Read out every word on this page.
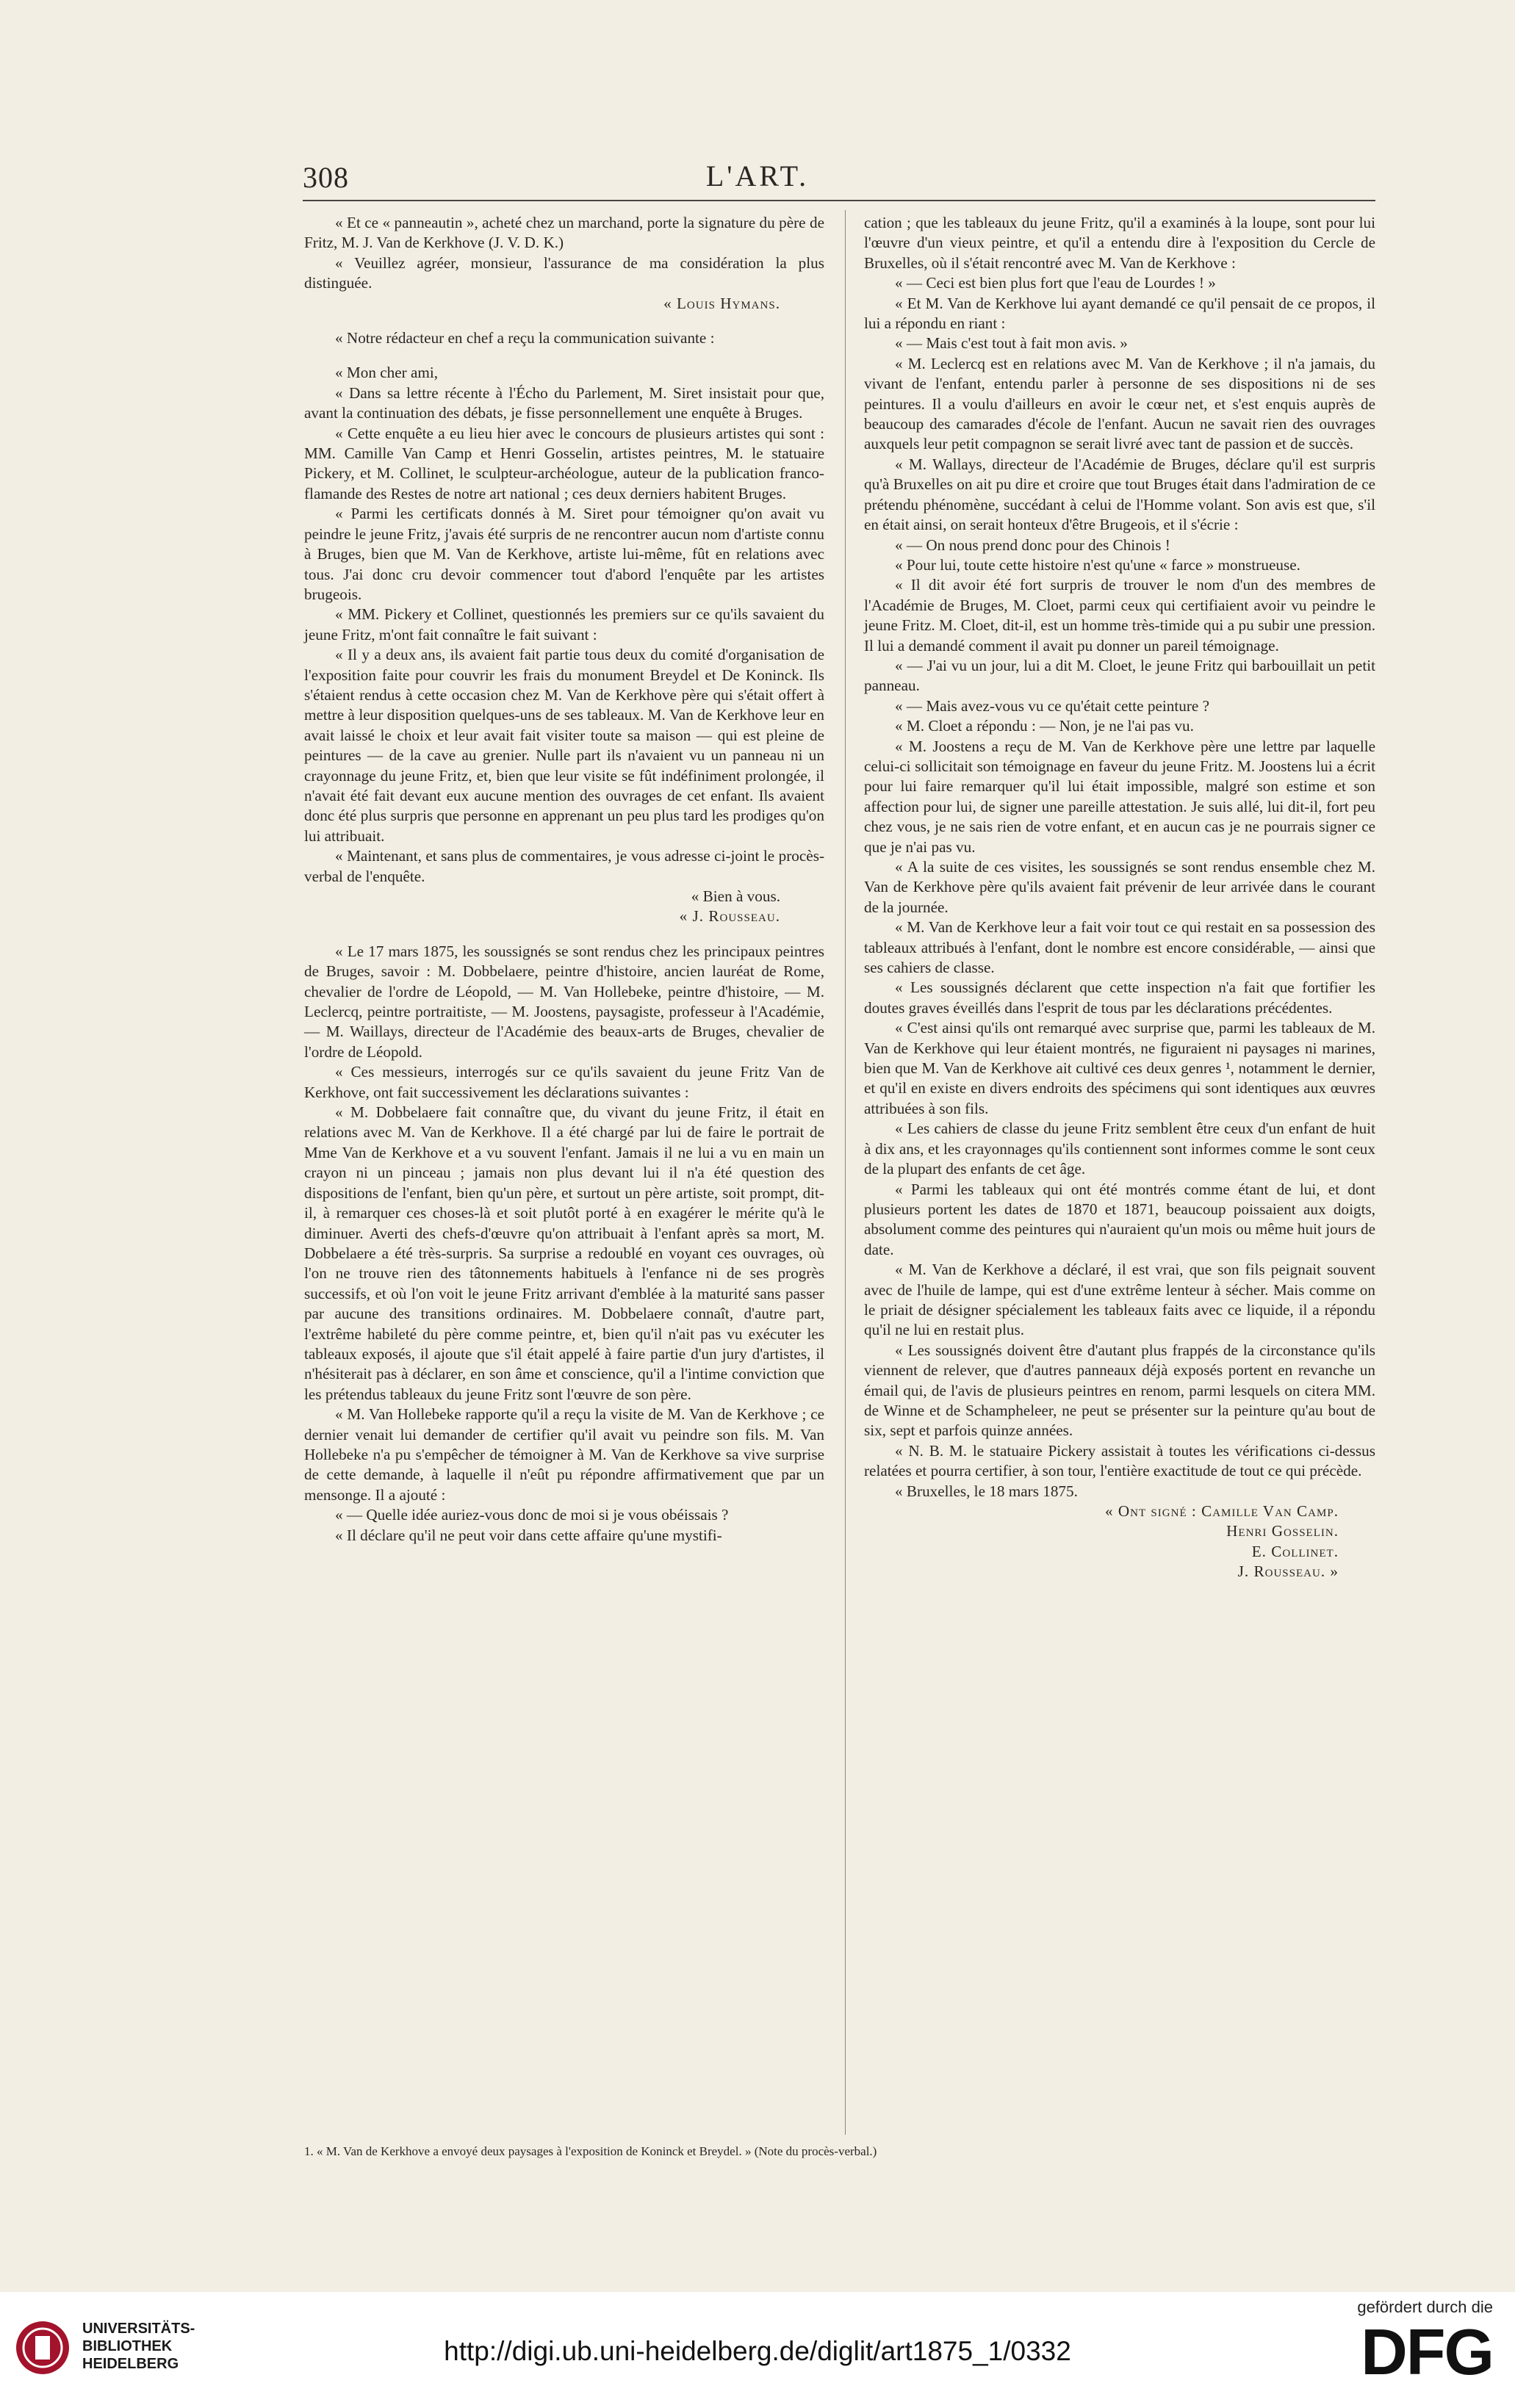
308	L'ART.

« Et ce « panneautin », acheté chez un marchand, porte la signature du père de Fritz, M. J. Van de Kerkhove (J. V. D. K.)

« Veuillez agréer, monsieur, l'assurance de ma considération la plus distinguée.

« Louis Hymans.

« Notre rédacteur en chef a reçu la communication suivante :

« Mon cher ami,

« Dans sa lettre récente à l'Écho du Parlement, M. Siret insistait pour que, avant la continuation des débats, je fisse personnellement une enquête à Bruges.

« Cette enquête a eu lieu hier avec le concours de plusieurs artistes qui sont : MM. Camille Van Camp et Henri Gosselin, artistes peintres, M. le statuaire Pickery, et M. Collinet, le sculpteur-archéologue, auteur de la publication franco-flamande des Restes de notre art national ; ces deux derniers habitent Bruges.

« Parmi les certificats donnés à M. Siret pour témoigner qu'on avait vu peindre le jeune Fritz, j'avais été surpris de ne rencontrer aucun nom d'artiste connu à Bruges, bien que M. Van de Kerkhove, artiste lui-même, fût en relations avec tous. J'ai donc cru devoir commencer tout d'abord l'enquête par les artistes brugeois.

« MM. Pickery et Collinet, questionnés les premiers sur ce qu'ils savaient du jeune Fritz, m'ont fait connaître le fait suivant :

« Il y a deux ans, ils avaient fait partie tous deux du comité d'organisation de l'exposition faite pour couvrir les frais du monument Breydel et De Koninck. Ils s'étaient rendus à cette occasion chez M. Van de Kerkhove père qui s'était offert à mettre à leur disposition quelques-uns de ses tableaux. M. Van de Kerkhove leur en avait laissé le choix et leur avait fait visiter toute sa maison — qui est pleine de peintures — de la cave au grenier. Nulle part ils n'avaient vu un panneau ni un crayonnage du jeune Fritz, et, bien que leur visite se fût indéfiniment prolongée, il n'avait été fait devant eux aucune mention des ouvrages de cet enfant. Ils avaient donc été plus surpris que personne en apprenant un peu plus tard les prodiges qu'on lui attribuait.

« Maintenant, et sans plus de commentaires, je vous adresse ci-joint le procès-verbal de l'enquête.

« Bien à vous.

« J. Rousseau.

« Le 17 mars 1875, les soussignés se sont rendus chez les principaux peintres de Bruges, savoir : M. Dobbelaere, peintre d'histoire, ancien lauréat de Rome, chevalier de l'ordre de Léopold, — M. Van Hollebeke, peintre d'histoire, — M. Leclercq, peintre portraitiste, — M. Joostens, paysagiste, professeur à l'Académie, — M. Waillays, directeur de l'Académie des beaux-arts de Bruges, chevalier de l'ordre de Léopold.

« Ces messieurs, interrogés sur ce qu'ils savaient du jeune Fritz Van de Kerkhove, ont fait successivement les déclarations suivantes :

« M. Dobbelaere fait connaître que, du vivant du jeune Fritz, il était en relations avec M. Van de Kerkhove. Il a été chargé par lui de faire le portrait de Mme Van de Kerkhove et a vu souvent l'enfant. Jamais il ne lui a vu en main un crayon ni un pinceau ; jamais non plus devant lui il n'a été question des dispositions de l'enfant, bien qu'un père, et surtout un père artiste, soit prompt, dit-il, à remarquer ces choses-là et soit plutôt porté à en exagérer le mérite qu'à le diminuer. Averti des chefs-d'œuvre qu'on attribuait à l'enfant après sa mort, M. Dobbelaere a été très-surpris. Sa surprise a redoublé en voyant ces ouvrages, où l'on ne trouve rien des tâtonnements habituels à l'enfance ni de ses progrès successifs, et où l'on voit le jeune Fritz arrivant d'emblée à la maturité sans passer par aucune des transitions ordinaires. M. Dobbelaere connaît, d'autre part, l'extrême habileté du père comme peintre, et, bien qu'il n'ait pas vu exécuter les tableaux exposés, il ajoute que s'il était appelé à faire partie d'un jury d'artistes, il n'hésiterait pas à déclarer, en son âme et conscience, qu'il a l'intime conviction que les prétendus tableaux du jeune Fritz sont l'œuvre de son père.

« M. Van Hollebeke rapporte qu'il a reçu la visite de M. Van de Kerkhove ; ce dernier venait lui demander de certifier qu'il avait vu peindre son fils. M. Van Hollebeke n'a pu s'empêcher de témoigner à M. Van de Kerkhove sa vive surprise de cette demande, à laquelle il n'eût pu répondre affirmativement que par un mensonge. Il a ajouté :

« — Quelle idée auriez-vous donc de moi si je vous obéissais ?

« Il déclare qu'il ne peut voir dans cette affaire qu'une mystifi-

cation ; que les tableaux du jeune Fritz, qu'il a examinés à la loupe, sont pour lui l'œuvre d'un vieux peintre, et qu'il a entendu dire à l'exposition du Cercle de Bruxelles, où il s'était rencontré avec M. Van de Kerkhove :

« — Ceci est bien plus fort que l'eau de Lourdes ! »

« Et M. Van de Kerkhove lui ayant demandé ce qu'il pensait de ce propos, il lui a répondu en riant :

« — Mais c'est tout à fait mon avis. »

« M. Leclercq est en relations avec M. Van de Kerkhove ; il n'a jamais, du vivant de l'enfant, entendu parler à personne de ses dispositions ni de ses peintures. Il a voulu d'ailleurs en avoir le cœur net, et s'est enquis auprès de beaucoup des camarades d'école de l'enfant. Aucun ne savait rien des ouvrages auxquels leur petit compagnon se serait livré avec tant de passion et de succès.

« M. Wallays, directeur de l'Académie de Bruges, déclare qu'il est surpris qu'à Bruxelles on ait pu dire et croire que tout Bruges était dans l'admiration de ce prétendu phénomène, succédant à celui de l'Homme volant. Son avis est que, s'il en était ainsi, on serait honteux d'être Brugeois, et il s'écrie :

« — On nous prend donc pour des Chinois !

« Pour lui, toute cette histoire n'est qu'une « farce » monstrueuse.

« Il dit avoir été fort surpris de trouver le nom d'un des membres de l'Académie de Bruges, M. Cloet, parmi ceux qui certifiaient avoir vu peindre le jeune Fritz. M. Cloet, dit-il, est un homme très-timide qui a pu subir une pression. Il lui a demandé comment il avait pu donner un pareil témoignage.

« — J'ai vu un jour, lui a dit M. Cloet, le jeune Fritz qui barbouillait un petit panneau.

« — Mais avez-vous vu ce qu'était cette peinture ?

« M. Cloet a répondu : — Non, je ne l'ai pas vu.

« M. Joostens a reçu de M. Van de Kerkhove père une lettre par laquelle celui-ci sollicitait son témoignage en faveur du jeune Fritz. M. Joostens lui a écrit pour lui faire remarquer qu'il lui était impossible, malgré son estime et son affection pour lui, de signer une pareille attestation. Je suis allé, lui dit-il, fort peu chez vous, je ne sais rien de votre enfant, et en aucun cas je ne pourrais signer ce que je n'ai pas vu.

« A la suite de ces visites, les soussignés se sont rendus ensemble chez M. Van de Kerkhove père qu'ils avaient fait prévenir de leur arrivée dans le courant de la journée.

« M. Van de Kerkhove leur a fait voir tout ce qui restait en sa possession des tableaux attribués à l'enfant, dont le nombre est encore considérable, — ainsi que ses cahiers de classe.

« Les soussignés déclarent que cette inspection n'a fait que fortifier les doutes graves éveillés dans l'esprit de tous par les déclarations précédentes.

« C'est ainsi qu'ils ont remarqué avec surprise que, parmi les tableaux de M. Van de Kerkhove qui leur étaient montrés, ne figuraient ni paysages ni marines, bien que M. Van de Kerkhove ait cultivé ces deux genres ¹, notamment le dernier, et qu'il en existe en divers endroits des spécimens qui sont identiques aux œuvres attribuées à son fils.

« Les cahiers de classe du jeune Fritz semblent être ceux d'un enfant de huit à dix ans, et les crayonnages qu'ils contiennent sont informes comme le sont ceux de la plupart des enfants de cet âge.

« Parmi les tableaux qui ont été montrés comme étant de lui, et dont plusieurs portent les dates de 1870 et 1871, beaucoup poissaient aux doigts, absolument comme des peintures qui n'auraient qu'un mois ou même huit jours de date.

« M. Van de Kerkhove a déclaré, il est vrai, que son fils peignait souvent avec de l'huile de lampe, qui est d'une extrême lenteur à sécher. Mais comme on le priait de désigner spécialement les tableaux faits avec ce liquide, il a répondu qu'il ne lui en restait plus.

« Les soussignés doivent être d'autant plus frappés de la circonstance qu'ils viennent de relever, que d'autres panneaux déjà exposés portent en revanche un émail qui, de l'avis de plusieurs peintres en renom, parmi lesquels on citera MM. de Winne et de Schampheleer, ne peut se présenter sur la peinture qu'au bout de six, sept et parfois quinze années.

« N. B. M. le statuaire Pickery assistait à toutes les vérifications ci-dessus relatées et pourra certifier, à son tour, l'entière exactitude de tout ce qui précède.

« Bruxelles, le 18 mars 1875.

« Ont signé : Camille Van Camp.

Henri Gosselin.

E. Collinet.

J. Rousseau. »

1. « M. Van de Kerkhove a envoyé deux paysages à l'exposition de Koninck et Breydel. » (Note du procès-verbal.)
UNIVERSITÄTS-
BIBLIOTHEK
HEIDELBERG	http://digi.ub.uni-heidelberg.de/diglit/art1875_1/0332
gefördert durch die
DFG
